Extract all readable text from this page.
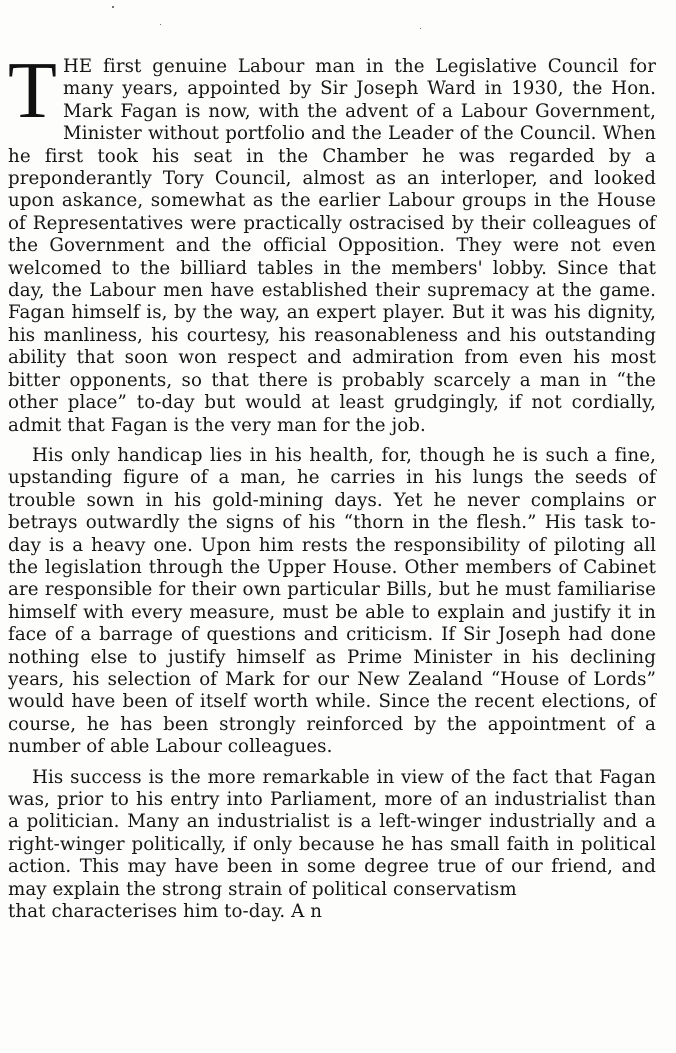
T HE first genuine Labour man in the Legislative Council for many years, appointed by Sir Joseph Ward in 1930, the Hon. Mark Fagan is now, with the advent of a Labour Government, Minister without portfolio and the Leader of the Council. When he first took his seat in the Chamber he was regarded by a preponderantly Tory Council, almost as an interloper, and looked upon askance, somewhat as the earlier Labour groups in the House of Representatives were practically ostracised by their colleagues of the Government and the official Opposition. They were not even welcomed to the billiard tables in the members' lobby. Since that day, the Labour men have established their supremacy at the game. Fagan himself is, by the way, an expert player. But it was his dignity, his manliness, his courtesy, his reasonableness and his outstanding ability that soon won respect and admiration from even his most bitter opponents, so that there is probably scarcely a man in “the other place” to-day but would at least grudgingly, if not cordially, admit that Fagan is the very man for the job.

His only handicap lies in his health, for, though he is such a fine, upstanding figure of a man, he carries in his lungs the seeds of trouble sown in his gold-mining days. Yet he never complains or betrays outwardly the signs of his “thorn in the flesh.” His task to-day is a heavy one. Upon him rests the responsibility of piloting all the legislation through the Upper House. Other members of Cabinet are responsible for their own particular Bills, but he must familiarise himself with every measure, must be able to explain and justify it in face of a barrage of questions and criticism. If Sir Joseph had done nothing else to justify himself as Prime Minister in his declining years, his selection of Mark for our New Zealand “House of Lords” would have been of itself worth while. Since the recent elections, of course, he has been strongly reinforced by the appointment of a number of able Labour colleagues.

His success is the more remarkable in view of the fact that Fagan was, prior to his entry into Parliament, more of an industrialist than a politician. Many an industrialist is a left-winger industrially and a right-winger politically, if only because he has small faith in political action. This may have been in some degree true of our friend, and may explain the strong strain of political conservatism

that characterises him to-day. A n
